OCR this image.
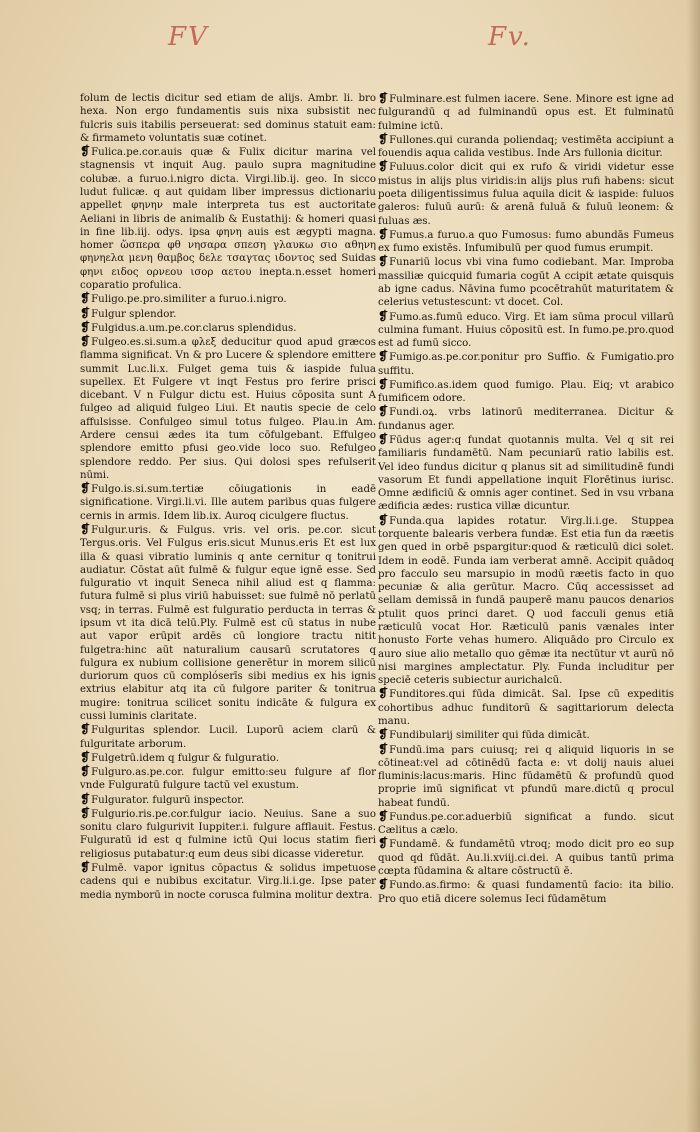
FV	Fv.
folum de lectis dicitur sed etiam de alijs. Ambr. li. bro hexa. Non ergo fundamentis suis nixa subsistit nec fulcris suis itabilis perseuerat: sed dominus statuit eam: & firmameto voluntatis suæ cotinet.
❡Fulica.pe.cor.auis quæ & Fulix dicitur marina vel stagnensis vt inquit Aug. paulo supra magnitudine colubæ. a furuo.i.nigro dicta. Virgi.lib.ij. geo. In sicco ludut fulicæ. q aut quidam liber impressus dictionariu appellet φηνην male interpreta tus est auctoritate Aeliani in libris de animalib & Eustathij: & homeri quasi in fine lib.iij. odys. ipsa φηνη auis est ægypti magna. homer ὥσπερα φθ νησαρα σπεση γλαυκω σιο αθηνη φηνηελα μενη θαμβος δελε τσαγτας ιδοντος sed Suidas φηνι ειδος ορνεου ισορ αετου inepta.n.esset homeri coparatio profulica.
❡Fuligo.pe.pro.similiter a furuo.i.nigro.
❡Fulgur splendor.
❡Fulgidus.a.um.pe.cor.clarus splendidus.
❡Fulgeo.es.si.sum.a φλεξ deducitur quod apud græcos flamma significat. Vn & pro Lucere & splendore emittere summit Luc.li.x. Fulget gema tuis & iaspide fulua supellex. Et Fulgere vt inqt Festus pro ferire prisci dicebant. V n Fulgur dictu est. Huius cōposita sunt A fulgeo ad aliquid fulgeo Liui. Et nautis specie de celo affulsisse. Confulgeo simul totus fulgeo. Plau.in Am. Ardere censui ædes ita tum cōfulgebant. Effulgeo splendore emitto pfusi geo.vide loco suo. Refulgeo splendore reddo. Per sius. Qui dolosi spes refulserit nūmi.
❡Fulgo.is.si.sum.tertiæ cōiugationis in eadē significatione. Virgi.li.vi. Ille autem paribus quas fulgere cernis in armis. Idem lib.ix. Auroq ciculgere fluctus.
❡Fulgur.uris. & Fulgus. vris. vel oris. pe.cor. sicut Tergus.oris. Vel Fulgus eris.sicut Munus.eris Et est lux illa & quasi vibratio luminis q ante cernitur q tonitrui audiatur. Cōstat aūt fulmē & fulgur eque ignē esse. Sed fulguratio vt inquit Seneca nihil aliud est q flamma: futura fulmē si plus viriū habuisset: sue fulmē nō perlatū vsq; in terras. Fulmē est fulguratio perducta in terras & ipsum vt ita dicā telū.Ply. Fulmē est cū status in nube aut vapor erūpit ardēs cū longiore tractu nitit fulgetra:hinc aūt naturalium causarū scrutatores q fulgura ex nubium collisione generētur in morem silicū duriorum quos cū complóserīs sibi medius ex his ignis extrius elabitur atq ita cū fulgore pariter & tonitrua mugire: tonitrua scilicet sonitu indicāte & fulgura ex cussi luminis claritate.
❡Fulguritas splendor. Lucil. Luporū aciem clarū & fulguritate arborum.
❡Fulgetrū.idem q fulgur & fulguratio.
❡Fulguro.as.pe.cor. fulgur emitto:seu fulgure af flor vnde Fulguratū fulgure tactū vel exustum.
❡Fulgurator. fulgurū inspector.
❡Fulgurio.ris.pe.cor.fulgur iacio. Neuius. Sane a suo sonitu claro fulgurivit Iuppiter.i. fulgure afflauit. Festus. Fulguratū id est q fulmine ictū Qui locus statim fieri religiosus putabatur:q eum deus sibi dicasse videretur.
❡Fulmē. vapor ignitus cōpactus & solidus impetuose cadens qui e nubibus excitatur. Virg.li.i.ge. Ipse pater media nymborū in nocte corusca fulmina molitur dextra.
❡Fulminare.est fulmen iacere. Sene. Minore est igne ad fulgurandū q ad fulminandū opus est. Et fulminatū fulmine ictū.
❡Fullones.qui curanda poliendaq; vestimēta accipiunt a fouendis aqua calida vestibus. Inde Ars fullonia dicitur.
❡Fuluus.color dicit qui ex rufo & viridi videtur esse mistus in alijs plus viridis:in alijs plus rufi habens: sicut poeta diligentissimus fulua aquila dicit & iaspide: fuluos galeros: fuluū aurū: & arenā fuluā & fuluū leonem: & fuluas æs.
❡Fumus.a furuo.a quo Fumosus: fumo abundās Fumeus ex fumo existēs. Infumibulū per quod fumus erumpit.
❡Funariū locus vbi vina fumo codiebant. Mar. Improba massiliæ quicquid fumaria cogūt A ccipit ætate quisquis ab igne cadus. Nāvina fumo pcocētrahūt maturitatem & celerius vetustescunt: vt docet. Col.
❡Fumo.as.fumū educo. Virg. Et iam sūma procul villarū culmina fumant. Huius cōpositū est. In fumo.pe.pro.quod est ad fumū sicco.
❡Fumigo.as.pe.cor.ponitur pro Suffio. & Fumigatio.pro suffitu.
❡Fumifico.as.idem quod fumigo. Plau. Eiq; vt arabico fumificem odore.
❡Fundi.oꝝ. vrbs latinorū mediterranea. Dicitur & fundanus ager.
❡Fūdus ager:q fundat quotannis multa. Vel q sit rei familiaris fundamētū. Nam pecuniarū ratio labilis est. Vel ideo fundus dicitur q planus sit ad similitudinē fundi vasorum Et fundi appellatione inquit Florētinus iurisc. Omne ædificiū & omnis ager continet. Sed in vsu vrbana ædificia ædes: rustica villæ dicuntur.
❡Funda.qua lapides rotatur. Virg.li.i.ge. Stuppea torquente balearis verbera fundæ. Est etia fun da ræetis gen qued in orbē pspargitur:quod & ræticulū dici solet. Idem in eodē. Funda iam verberat amnē. Accipit quādoq pro facculo seu marsupio in modū ræetis facto in quo pecuniæ & alia gerūtur. Macro. Cūq accessisset ad sellam demissā in fundā pauperē manu paucos denarios ptulit quos princi daret. Q uod facculi genus etiā ræticulū vocat Hor. Ræticulū panis vænales inter honusto Forte vehas humero. Aliquādo pro Circulo ex auro siue alio metallo quo gēmæ ita nectūtur vt aurū nō nisi margines amplectatur. Ply. Funda includitur per speciē ceteris subiectur aurichalcū.
❡Funditores.qui fūda dimicāt. Sal. Ipse cū expeditis cohortibus adhuc funditorū & sagittariorum delecta manu.
❡Fundibularij similiter qui fūda dimicāt.
❡Fundū.ima pars cuiusq; rei q aliquid liquoris in se cōtineat:vel ad cōtinēdū facta e: vt dolij nauis aluei fluminis:lacus:maris. Hinc fūdamētū & profundū quod proprie imū significat vt pfundū mare.dictū q procul habeat fundū.
❡Fundus.pe.cor.aduerbiū significat a fundo. sicut Cælitus a cælo.
❡Fundamē. & fundamētū vtroq; modo dicit pro eo sup quod qd fūdāt. Au.li.xviij.ci.dei. A quibus tantū prima cœpta fūdamina & altare cōstructū ē.
❡Fundo.as.firmo: & quasi fundamentū facio: ita bilio. Pro quo etiā dicere solemus Ieci fūdamētum
